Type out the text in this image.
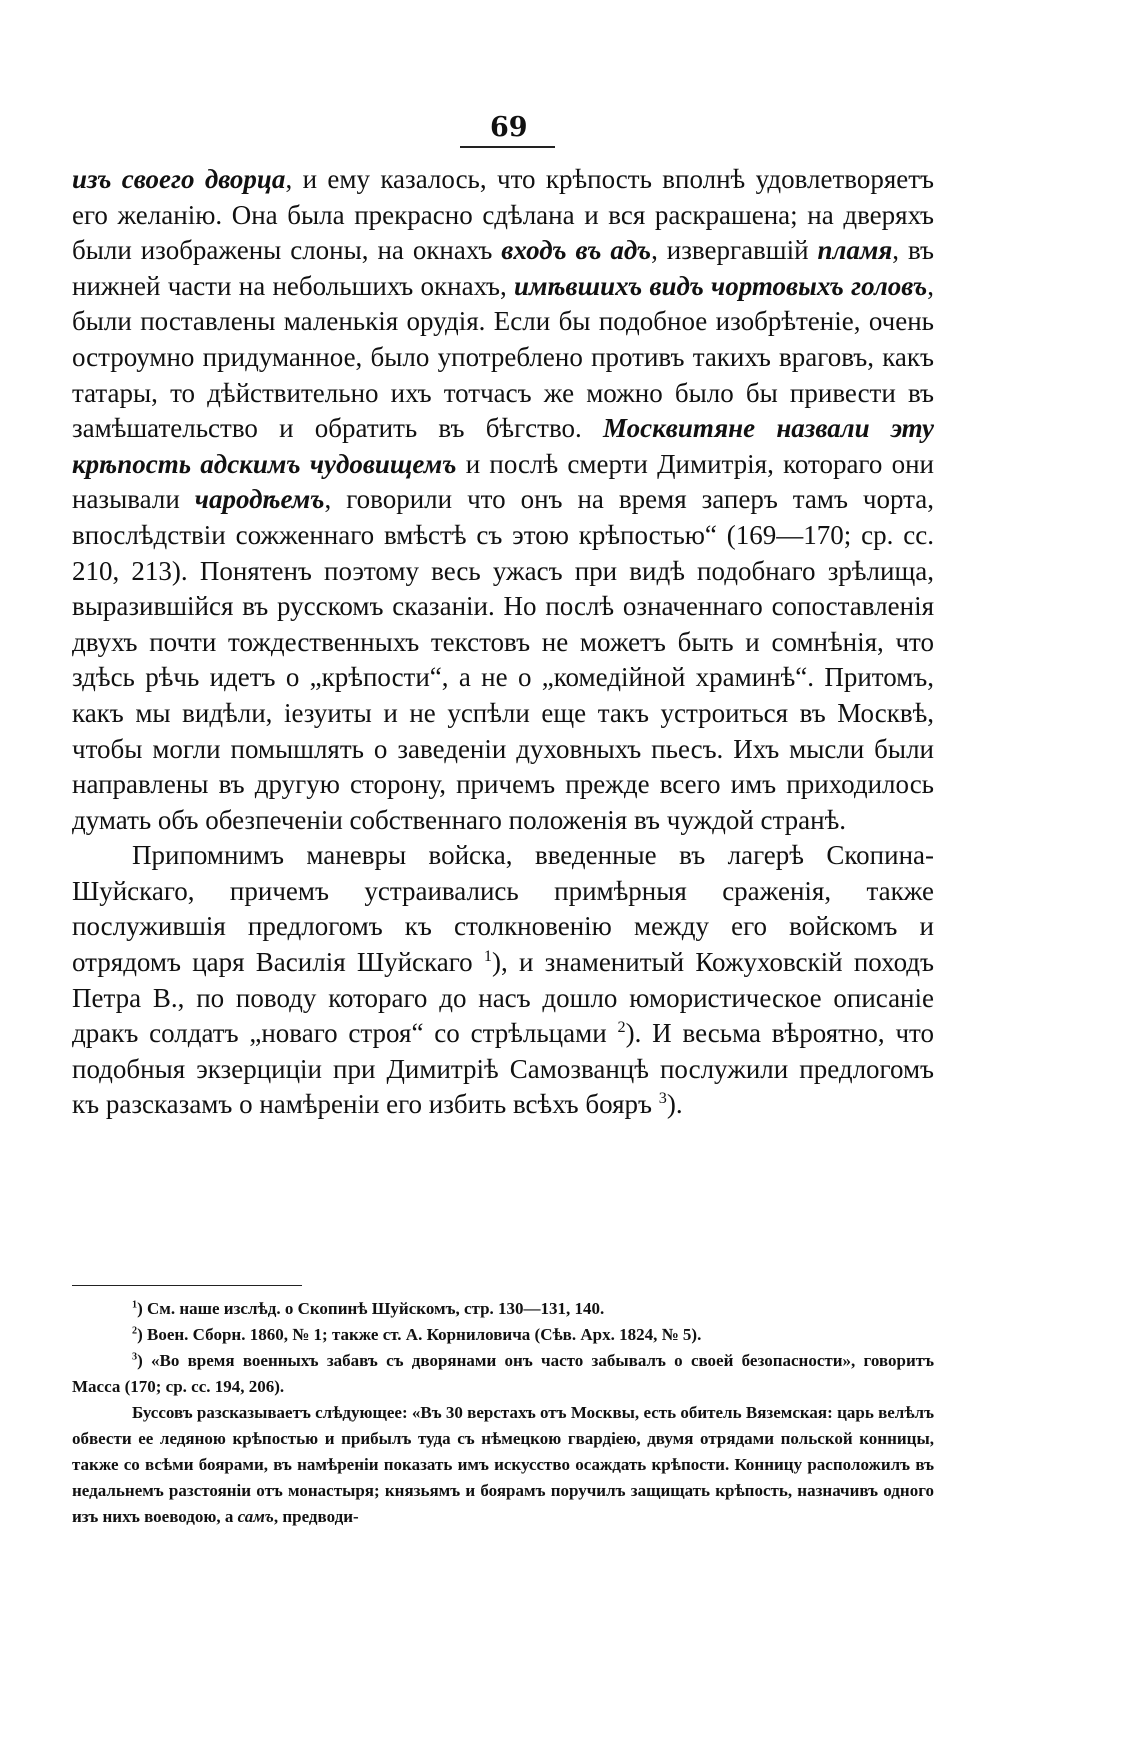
69

изъ своего дворца, и ему казалось, что крѣпость вполнѣ удовлетворяетъ его желанію. Она была прекрасно сдѣлана и вся раскрашена; на дверяхъ были изображены слоны, на окнахъ входъ въ адъ, извергавшій пламя, въ нижней части на небольшихъ окнахъ, имѣвшихъ видъ чортовыхъ головъ, были поставлены маленькія орудія. Если бы подобное изобрѣтеніе, очень остроумно придуманное, было употреблено противъ такихъ враговъ, какъ татары, то дѣйствительно ихъ тотчасъ же можно было бы привести въ замѣшательство и обратить въ бѣгство. Москвитяне назвали эту крѣпость адскимъ чудовищемъ и послѣ смерти Димитрія, котораго они называли чародѣемъ, говорили что онъ на время заперъ тамъ чорта, впослѣдствіи сожженнаго вмѣстѣ съ этою крѣпостью“ (169—170; ср. сс. 210, 213). Понятенъ поэтому весь ужасъ при видѣ подобнаго зрѣлища, выразившійся въ русскомъ сказаніи. Но послѣ означеннаго сопоставленія двухъ почти тождественныхъ текстовъ не можетъ быть и сомнѣнія, что здѣсь рѣчь идетъ о „крѣпости“, а не о „комедійной храминѣ“. Притомъ, какъ мы видѣли, іезуиты и не успѣли еще такъ устроиться въ Москвѣ, чтобы могли помышлять о заведеніи духовныхъ пьесъ. Ихъ мысли были направлены въ другую сторону, причемъ прежде всего имъ приходилось думать объ обезпеченіи собственнаго положенія въ чуждой странѣ.

Припомнимъ маневры войска, введенные въ лагерѣ Скопина-Шуйскаго, причемъ устраивались примѣрныя сраженія, также послужившія предлогомъ къ столкновенію между его войскомъ и отрядомъ царя Василія Шуйскаго $^1$), и знаменитый Кожуховскій походъ Петра В., по поводу котораго до насъ дошло юмористическое описаніе дракъ солдатъ „новаго строя“ со стрѣльцами $^2$). И весьма вѣроятно, что подобныя экзерциціи при Димитріѣ Самозванцѣ послужили предлогомъ къ разсказамъ о намѣреніи его избить всѣхъ бояръ $^3$).

$^1$) См. наше изслѣд. о Скопинѣ Шуйскомъ, стр. 130—131, 140.

$^2$) Воен. Сборн. 1860, № 1; также ст. А. Корниловича (Сѣв. Арх. 1824, № 5).

$^3$) «Во время военныхъ забавъ съ дворянами онъ часто забывалъ о своей безопасности», говоритъ Масса (170; ср. сс. 194, 206).

Буссовъ разсказываетъ слѣдующее: «Въ 30 верстахъ отъ Москвы, есть обитель Вяземская: царь велѣлъ обвести ее ледяною крѣпостью и прибылъ туда съ нѣмецкою гвардіею, двумя отрядами польской конницы, также со всѣми боярами, въ намѣреніи показать имъ искусство осаждать крѣпости. Конницу расположилъ въ недальнемъ разстояніи отъ монастыря; князьямъ и боярамъ поручилъ защищать крѣпость, назначивъ одного изъ нихъ воеводою, а самъ, предводи-
